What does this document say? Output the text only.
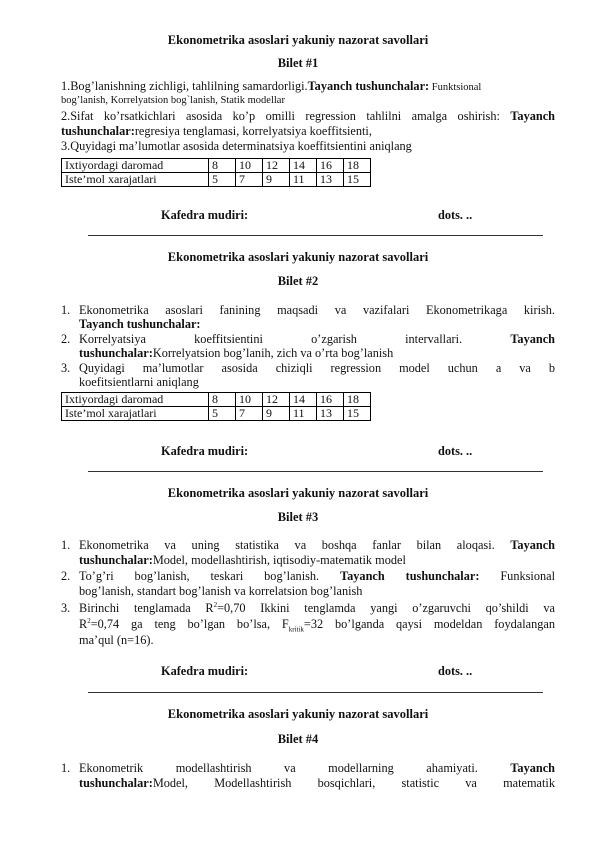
Ekonometrika asoslari yakuniy nazorat savollari
Bilet #1
1.Bog’lanishning zichligi, tahlilning samardorligi.Tayanch tushunchalar: Funktsional
bog’lanish, Korrelyatsion bog`lanish, Statik modellar
2.Sifat ko’rsatkichlari asosida ko’p omilli regression tahlilni amalga oshirish: Tayanch
tushunchalar:regresiya tenglamasi, korrelyatsiya koeffitsienti,
3.Quyidagi ma’lumotlar asosida determinatsiya koeffitsientini aniqlang
Ixtiyordagi daromad	8	10	12	14	16	18
Iste’mol xarajatlari	5	7	9	11	13	15
Kafedra mudiri:	dots. ..
Ekonometrika asoslari yakuniy nazorat savollari
Bilet #2
1. Ekonometrika asoslari fanining maqsadi va vazifalari Ekonometrikaga kirish.
Tayanch tushunchalar:
2. Korrelyatsiya koeffitsientini o’zgarish intervallari.	Tayanch
tushunchalar:Korrelyatsion bog’lanih, zich va o’rta bog’lanish
3. Quyidagi ma’lumotlar asosida chiziqli regression model uchun a va b
koefitsientlarni aniqlang
Ixtiyordagi daromad	8	10	12	14	16	18
Iste’mol xarajatlari	5	7	9	11	13	15
Kafedra mudiri:	dots. ..
Ekonometrika asoslari yakuniy nazorat savollari
Bilet #3
1. Ekonometrika va uning statistika va boshqa fanlar bilan aloqasi. Tayanch
tushunchalar:Model, modellashtirish, iqtisodiy-matematik model
2. To’g’ri bog’lanish, teskari bog’lanish. Tayanch tushunchalar: Funksional
bog’lanish, standart bog’lanish va korrelatsion bog’lanish
3. Birinchi tenglamada $R^2=0,70$ Ikkini tenglamda yangi o’zgaruvchi qo’shildi va
$R^2=0,74$ ga teng bo’lgan bo’lsa, $F_{kritik}=32$ bo’lganda qaysi modeldan foydalangan
ma’qul (n=16).
Kafedra mudiri:	dots. ..
Ekonometrika asoslari yakuniy nazorat savollari
Bilet #4
1. Ekonometrik modellashtirish va modellarning ahamiyati.	Tayanch
tushunchalar:Model, Modellashtirish bosqichlari, statistic va matematik
